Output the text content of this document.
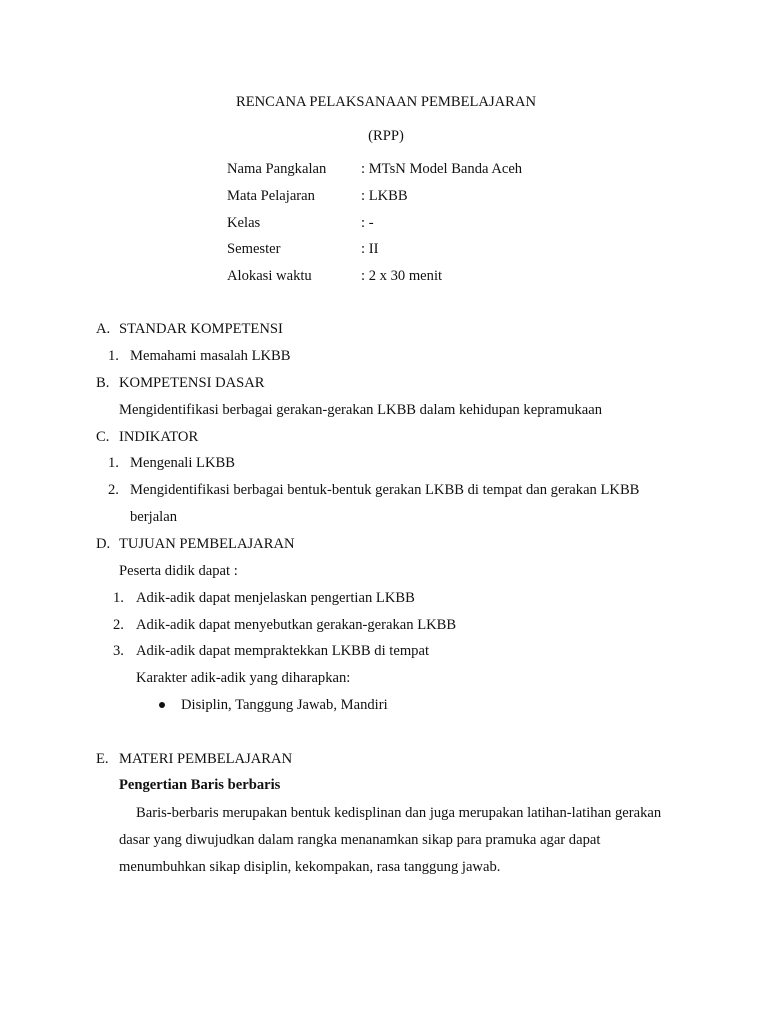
RENCANA PELAKSANAAN PEMBELAJARAN
(RPP)
Nama Pangkalan : MTsN Model Banda Aceh
Mata Pelajaran	: LKBB
Kelas	: -
Semester	: II
Alokasi waktu	: 2 x 30 menit
A. STANDAR KOMPETENSI
1. Memahami masalah LKBB
B. KOMPETENSI DASAR
Mengidentifikasi berbagai gerakan-gerakan LKBB dalam kehidupan kepramukaan
C. INDIKATOR
1. Mengenali LKBB
2. Mengidentifikasi berbagai bentuk-bentuk gerakan LKBB di tempat dan gerakan LKBB
berjalan
D. TUJUAN PEMBELAJARAN
Peserta didik dapat :
1. Adik-adik dapat menjelaskan pengertian LKBB
2. Adik-adik dapat menyebutkan gerakan-gerakan LKBB
3. Adik-adik dapat mempraktekkan LKBB di tempat
Karakter adik-adik yang diharapkan:
Disiplin, Tanggung Jawab, Mandiri
E. MATERI PEMBELAJARAN
Pengertian Baris berbaris
Baris-berbaris merupakan bentuk kedisplinan dan juga merupakan latihan-latihan gerakan
dasar yang diwujudkan dalam rangka menanamkan sikap para pramuka agar dapat
menumbuhkan sikap disiplin, kekompakan, rasa tanggung jawab.
